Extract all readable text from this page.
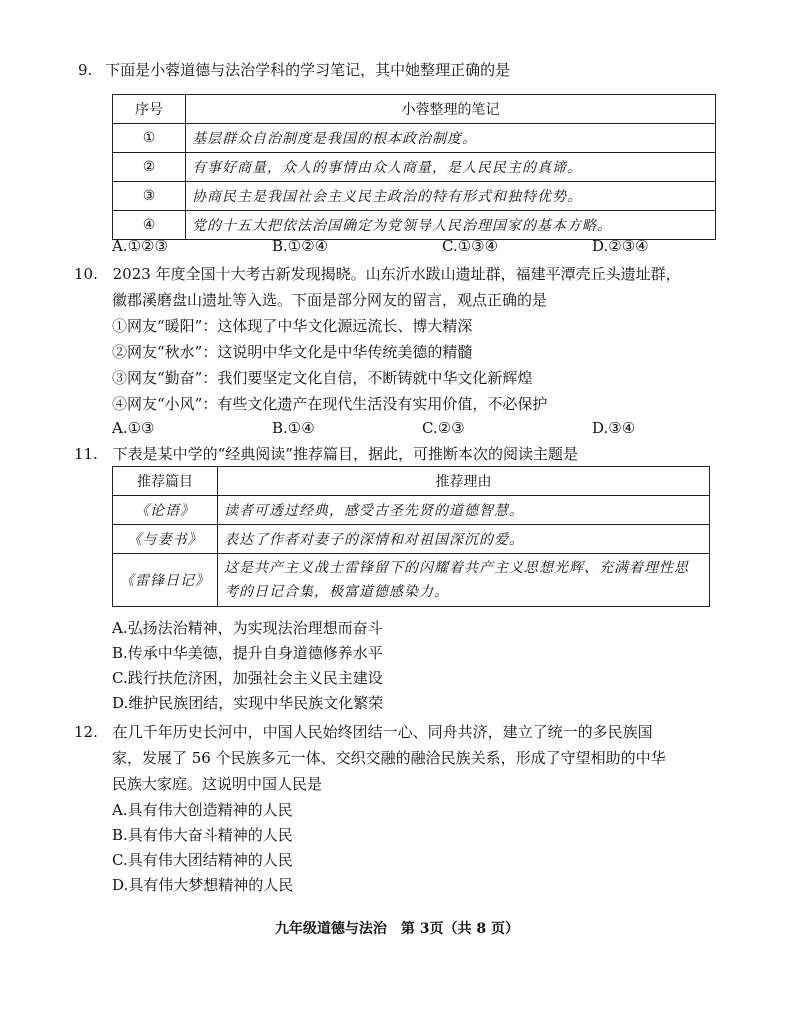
9. 下面是小蓉道德与法治学科的学习笔记，其中她整理正确的是
序号	小蓉整理的笔记
①	基层群众自治制度是我国的根本政治制度。
②	有事好商量，众人的事情由众人商量，是人民民主的真谛。
③	协商民主是我国社会主义民主政治的特有形式和独特优势。
④	党的十五大把依法治国确定为党领导人民治理国家的基本方略。
A.①②③	B.①②④	C.①③④	D.②③④
10. 2023 年度全国十大考古新发现揭晓。山东沂水跋山遗址群，福建平潭壳丘头遗址群，
徽郡溪磨盘山遗址等入选。下面是部分网友的留言，观点正确的是
①网友“暖阳”：这体现了中华文化源远流长、博大精深
②网友“秋水”：这说明中华文化是中华传统美德的精髓
③网友“勤奋”：我们要坚定文化自信，不断铸就中华文化新辉煌
④网友“小风”：有些文化遗产在现代生活没有实用价值，不必保护
A.①③	B.①④	C.②③	D.③④
11. 下表是某中学的“经典阅读”推荐篇目，据此，可推断本次的阅读主题是
推荐篇目	推荐理由
《论语》	读者可透过经典，感受古圣先贤的道德智慧。
《与妻书》	表达了作者对妻子的深情和对祖国深沉的爱。
《雷锋日记》	这是共产主义战士雷锋留下的闪耀着共产主义思想光辉、充满着理性思考的日记合集，极富道德感染力。
A.弘扬法治精神，为实现法治理想而奋斗
B.传承中华美德，提升自身道德修养水平
C.践行扶危济困，加强社会主义民主建设
D.维护民族团结，实现中华民族文化繁荣
12. 在几千年历史长河中，中国人民始终团结一心、同舟共济，建立了统一的多民族国
家，发展了 56 个民族多元一体、交织交融的融洽民族关系，形成了守望相助的中华
民族大家庭。这说明中国人民是
A.具有伟大创造精神的人民
B.具有伟大奋斗精神的人民
C.具有伟大团结精神的人民
D.具有伟大梦想精神的人民
九年级道德与法治　第 3页（共 8 页）
